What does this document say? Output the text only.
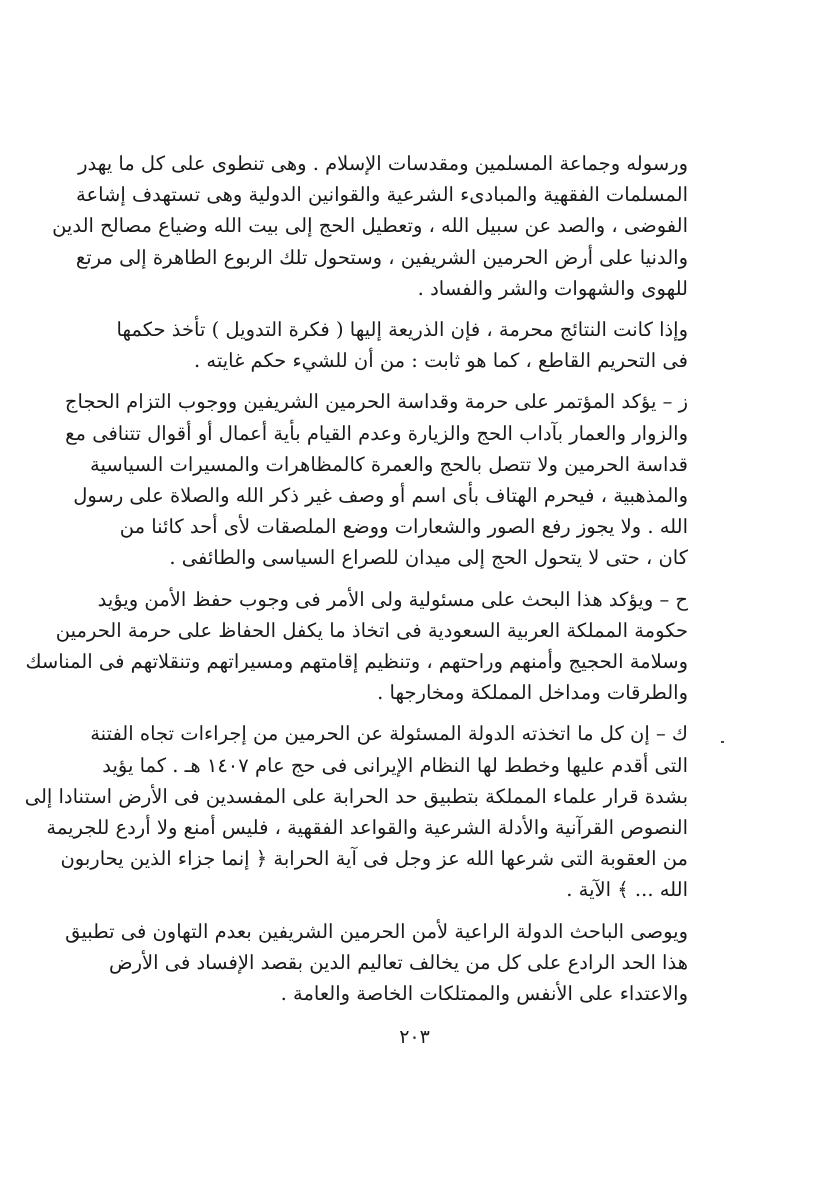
ورسوله وجماعة المسلمين ومقدسات الإسلام . وهى تنطوى على كل ما يهدر
المسلمات الفقهية والمبادىء الشرعية والقوانين الدولية وهى تستهدف إشاعة
الفوضى ، والصد عن سبيل الله ، وتعطيل الحج إلى بيت الله وضياع مصالح الدين
والدنيا على أرض الحرمين الشريفين ، وستحول تلك الربوع الطاهرة إلى مرتع
للهوى والشهوات والشر والفساد .

وإذا كانت النتائج محرمة ، فإن الذريعة إليها ( فكرة التدويل ) تأخذ حكمها
فى التحريم القاطع ، كما هو ثابت : من أن للشيء حكم غايته .

ز – يؤكد المؤتمر على حرمة وقداسة الحرمين الشريفين ووجوب التزام الحجاج
والزوار والعمار بآداب الحج والزيارة وعدم القيام بأية أعمال أو أقوال تتنافى مع
قداسة الحرمين ولا تتصل بالحج والعمرة كالمظاهرات والمسيرات السياسية
والمذهبية ، فيحرم الهتاف بأى اسم أو وصف غير ذكر الله والصلاة على رسول
الله . ولا يجوز رفع الصور والشعارات ووضع الملصقات لأى أحد كائنا من
كان ، حتى لا يتحول الحج إلى ميدان للصراع السياسى والطائفى .

ح – ويؤكد هذا البحث على مسئولية ولى الأمر فى وجوب حفظ الأمن ويؤيد
حكومة المملكة العربية السعودية فى اتخاذ ما يكفل الحفاظ على حرمة الحرمين
وسلامة الحجيج وأمنهم وراحتهم ، وتنظيم إقامتهم ومسيراتهم وتنقلاتهم فى المناسك
والطرقات ومداخل المملكة ومخارجها .

ك – إن كل ما اتخذته الدولة المسئولة عن الحرمين من إجراءات تجاه الفتنة
التى أقدم عليها وخطط لها النظام الإيرانى فى حج عام ١٤٠٧ هـ . كما يؤيد
بشدة قرار علماء المملكة بتطبيق حد الحرابة على المفسدين فى الأرض استنادا إلى
النصوص القرآنية والأدلة الشرعية والقواعد الفقهية ، فليس أمنع ولا أردع للجريمة
من العقوبة التى شرعها الله عز وجل فى آية الحرابة ﴿ إنما جزاء الذين يحاربون
الله ... ﴾ الآية .

ويوصى الباحث الدولة الراعية لأمن الحرمين الشريفين بعدم التهاون فى تطبيق
هذا الحد الرادع على كل من يخالف تعاليم الدين بقصد الإفساد فى الأرض
والاعتداء على الأنفس والممتلكات الخاصة والعامة .

٢٠٣
